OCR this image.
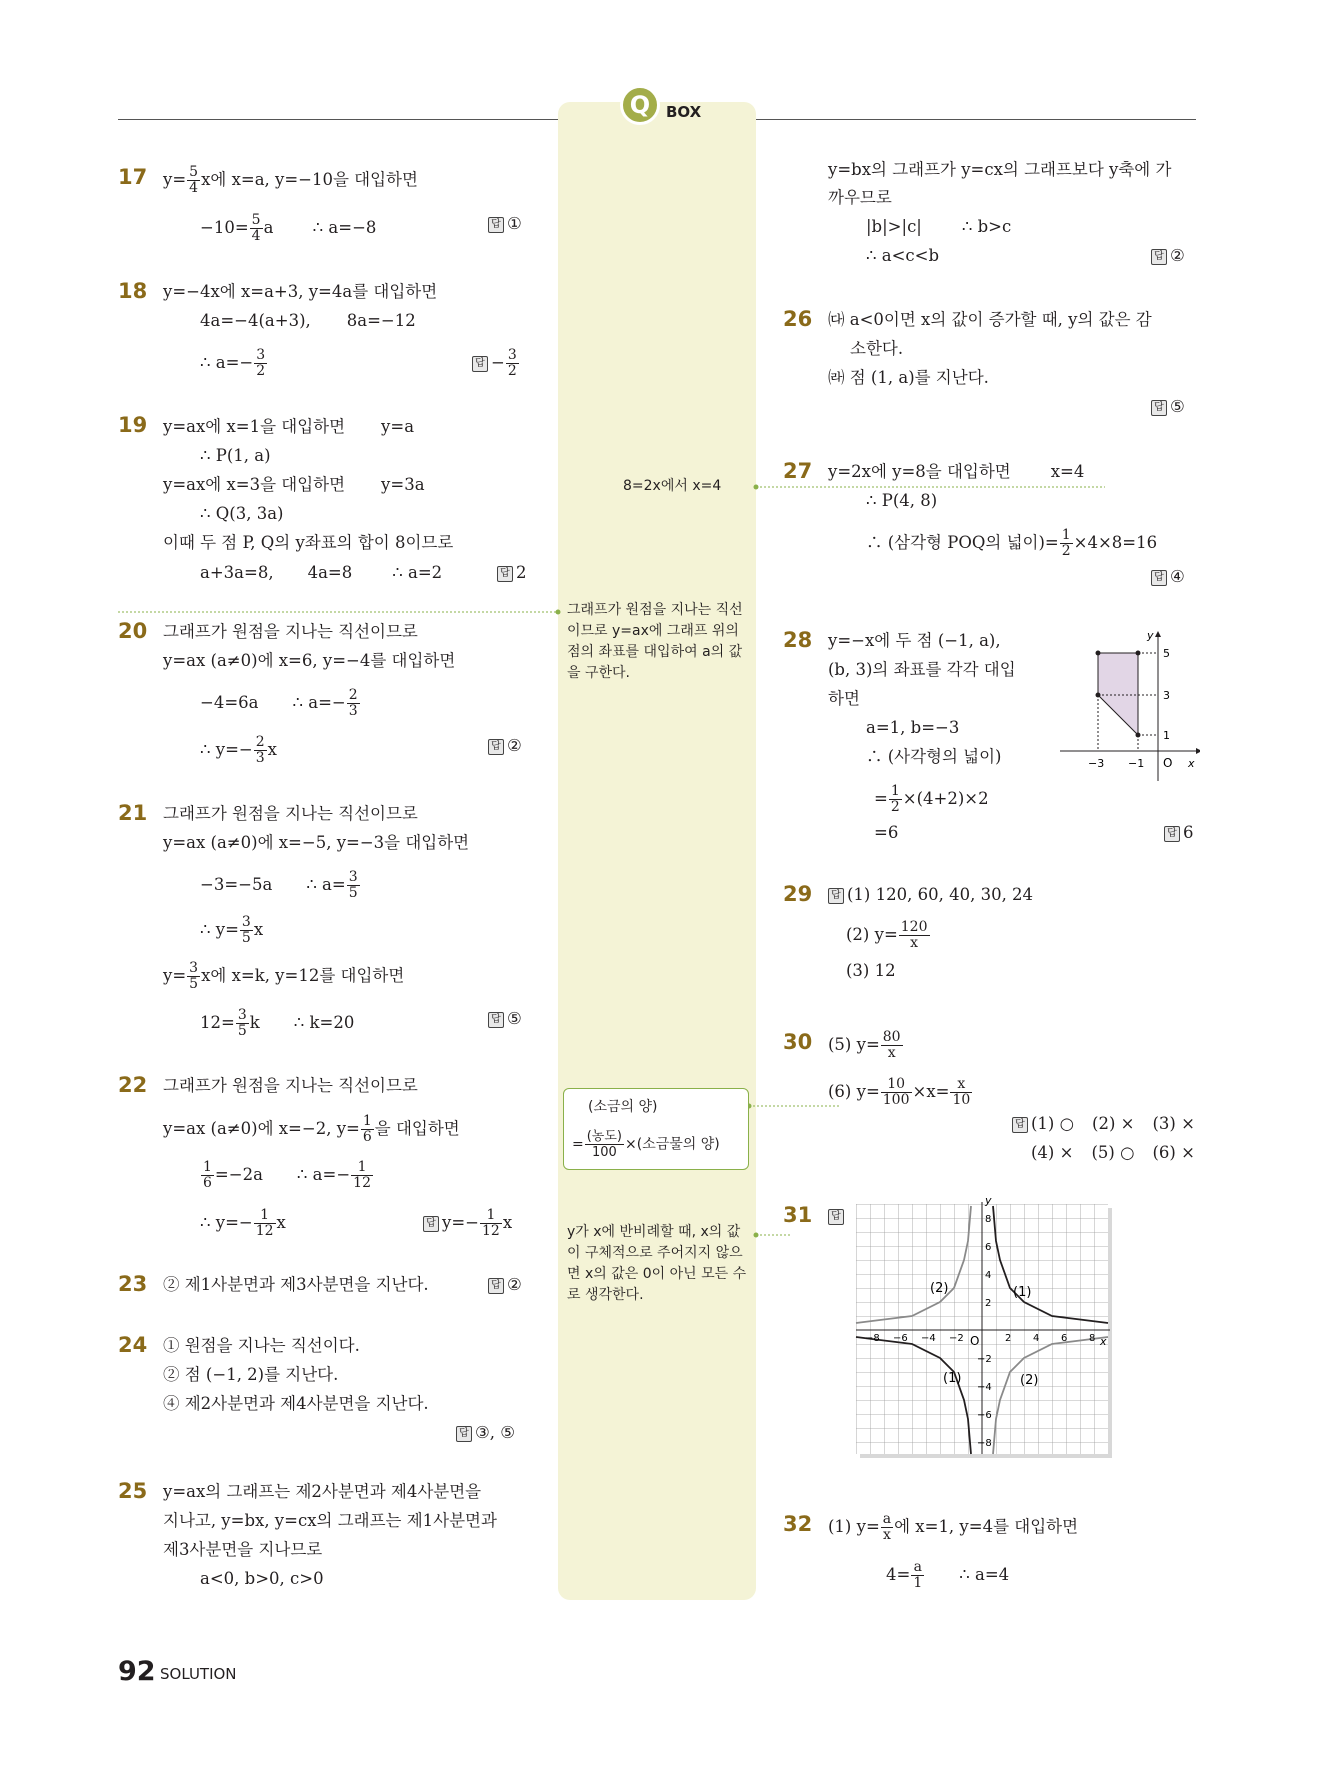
Q	BOX
17 $y= \frac{5}{4}$ x에 x=a, y=−10을 대입하면
$-10= \frac{5}{4}$ a ∴ a=−8	답 ①
18 y=−4x에 x=a+3, y=4a를 대입하면
4a=−4(a+3), 8a=−12
∴ $a=- \frac{3}{2}$	답 − $\frac{3}{2}$
19 y=ax에 x=1을 대입하면 y=a
∴ P(1, a)
y=ax에 x=3을 대입하면 y=3a
∴ Q(3, 3a)
이때 두 점 P, Q의 y좌표의 합이 8이므로
a+3a=8, 4a=8 ∴ a=2	답 2
20 그래프가 원점을 지나는 직선이므로
y=ax (a≠0)에 x=6, y=−4를 대입하면
−4=6a ∴ $a=- \frac{2}{3}$
∴ $y=- \frac{2}{3}$ x	답 ②
21 그래프가 원점을 지나는 직선이므로
y=ax (a≠0)에 x=−5, y=−3을 대입하면
−3=−5a ∴ $a= \frac{3}{5}$
∴ $y= \frac{3}{5}$ x
$y= \frac{3}{5}$ x에 x=k, y=12를 대입하면
$12= \frac{3}{5}$ k ∴ k=20	답 ⑤
22 그래프가 원점을 지나는 직선이므로
y=ax (a≠0)에 x=−2, $y= \frac{1}{6}$ 을 대입하면
$\frac{1}{6} =-2a$ ∴ $a=- \frac{1}{12}$
∴ $y=- \frac{1}{12}$ x	답 $y=- \frac{1}{12}$ x
23 ② 제1사분면과 제3사분면을 지난다.	답 ②
24 ① 원점을 지나는 직선이다.
② 점 (−1, 2)를 지난다.
④ 제2사분면과 제4사분면을 지난다.
답 ③, ⑤
25 y=ax의 그래프는 제2사분면과 제4사분면을
지나고, y=bx, y=cx의 그래프는 제1사분면과
제3사분면을 지나므로
a<0, b>0, c>0
8=2x에서 x=4
그래프가 원점을 지나는 직선이므로 y=ax에 그래프 위의 점의 좌표를 대입하여 a의 값을 구한다.
(소금의 양)
= $\frac{\text{(농도)}}{100}$ ×(소금물의 양)
y가 x에 반비례할 때, x의 값이 구체적으로 주어지지 않으면 x의 값은 0이 아닌 모든 수로 생각한다.
y=bx의 그래프가 y=cx의 그래프보다 y축에 가
까우므로
|b|>|c| ∴ b>c
∴ a<c<b	답 ②
26 ㈐ a<0이면 x의 값이 증가할 때, y의 값은 감
소한다.
㈑ 점 (1, a)를 지난다.
답 ⑤
27 y=2x에 y=8을 대입하면 x=4
∴ P(4, 8)
∴ (삼각형 POQ의 넓이)= $\frac{1}{2} \times 4\times 8=16$
답 ④
28 y=−x에 두 점 (−1, a),
(b, 3)의 좌표를 각각 대입
하면
a=1, b=−3
∴ (사각형의 넓이)
= $\frac{1}{2} \times(4+2)\times 2$
=6	답 6
y
x
O
−3 −1
1
3
5
29	답 (1) 120, 60, 40, 30, 24
(2) $y= \frac{120}{x}$
(3) 12
30 (5) $y= \frac{80}{x}$
(6) $y= \frac{10}{100} \times x= \frac{x}{10}$
답 (1) ○ (2) × (3) ×
(4) × (5) ○ (6) ×
31	답
(1)
(2)
(1)	(2)
y
x
O
−8 −6 −4 −2	2 4 6 8
8
6
4
2
−2
−4
−6
−8
32 (1) $y= \frac{a}{x}$ 에 x=1, y=4를 대입하면
$4= \frac{a}{1}$ ∴ a=4
92 SOLUTION
